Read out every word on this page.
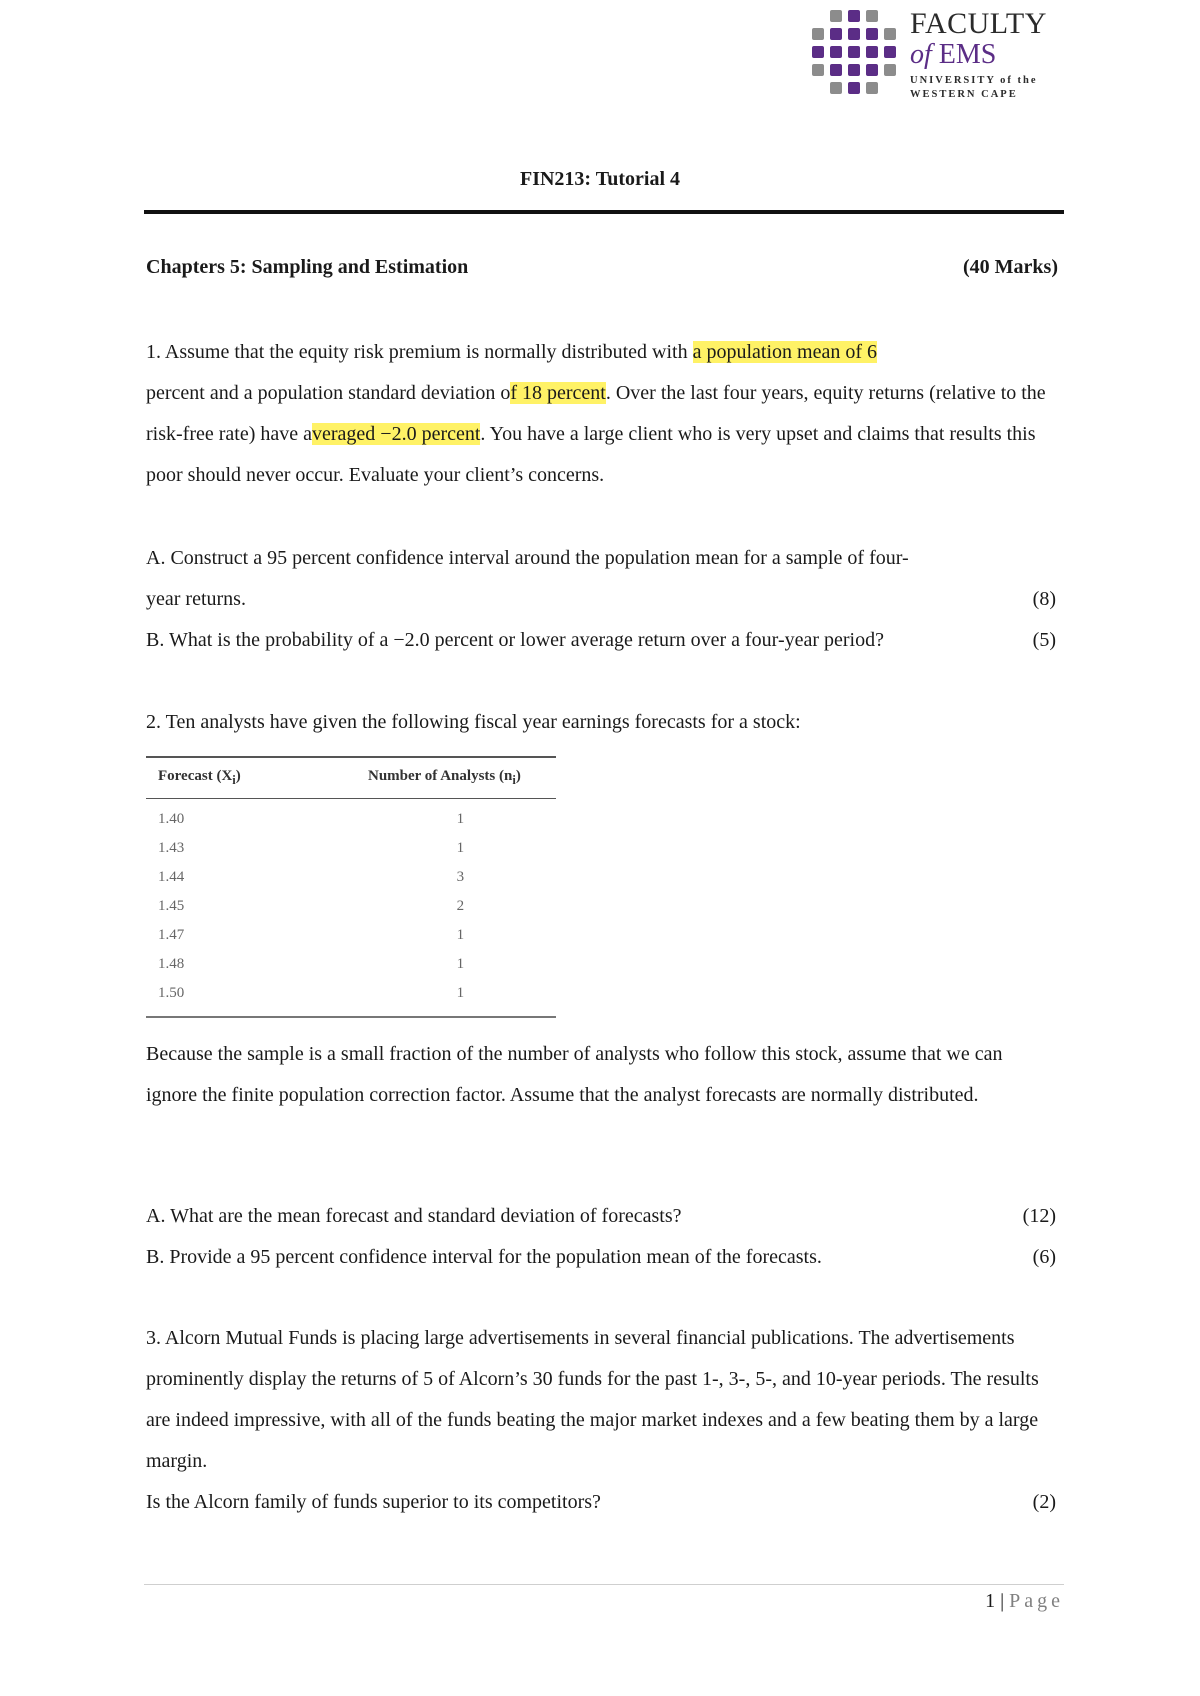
FACULTY
of EMS
UNIVERSITY of the
WESTERN CAPE
FIN213: Tutorial 4
Chapters 5: Sampling and Estimation	(40 Marks)

1. Assume that the equity risk premium is normally distributed with a population mean of 6
percent and a population standard deviation of 18 percent. Over the last four years, equity returns (relative to the risk-free rate) have averaged −2.0 percent. You have a large client who is very upset and claims that results this poor should never occur. Evaluate your client’s concerns.

A. Construct a 95 percent confidence interval around the population mean for a sample of four-
year returns.	(8)
B. What is the probability of a −2.0 percent or lower average return over a four-year period?	(5)
2. Ten analysts have given the following fiscal year earnings forecasts for a stock:
Forecast $(X_i)$	Number of Analysts $(n_i)$
1.40	1
1.43	1
1.44	3
1.45	2
1.47	1
1.48	1
1.50	1

Because the sample is a small fraction of the number of analysts who follow this stock, assume that we can ignore the finite population correction factor. Assume that the analyst forecasts are normally distributed.

A. What are the mean forecast and standard deviation of forecasts?	(12)
B. Provide a 95 percent confidence interval for the population mean of the forecasts.	(6)

3. Alcorn Mutual Funds is placing large advertisements in several financial publications. The advertisements prominently display the returns of 5 of Alcorn’s 30 funds for the past 1-, 3-, 5-, and 10-year periods. The results are indeed impressive, with all of the funds beating the major market indexes and a few beating them by a large margin.

Is the Alcorn family of funds superior to its competitors?	(2)
1 | Page
